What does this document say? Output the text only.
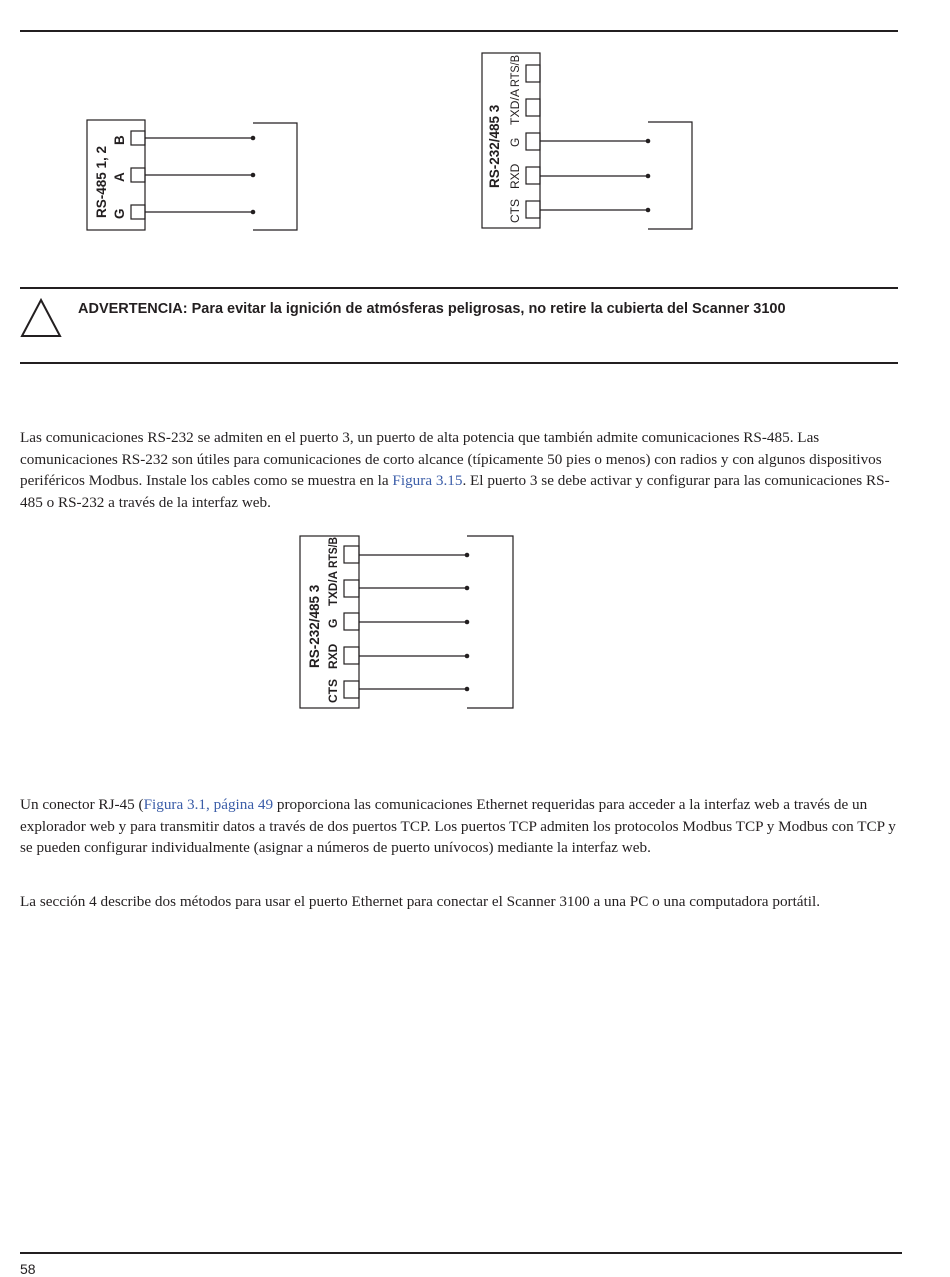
RS-485 1, 2 G
A
B	RS-232/485 3
CTS
RXD
G
TXD/A
RTS/B
RS-232/485 3
CTS
RXD
G
TXD/A
RTS/B
ADVERTENCIA: Para evitar la ignición de atmósferas peligrosas, no retire la cubierta del Scanner 3100

Las comunicaciones RS-232 se admiten en el puerto 3, un puerto de alta potencia que también admite comunicaciones RS-485. Las comunicaciones RS-232 son útiles para comunicaciones de corto alcance (típicamente 50 pies o menos) con radios y con algunos dispositivos periféricos Modbus. Instale los cables como se muestra en la Figura 3.15. El puerto 3 se debe activar y configurar para las comunicaciones RS-485 o RS-232 a través de la interfaz web.

Un conector RJ-45 (Figura 3.1, página 49 proporciona las comunicaciones Ethernet requeridas para acceder a la interfaz web a través de un explorador web y para transmitir datos a través de dos puertos TCP. Los puertos TCP admiten los protocolos Modbus TCP y Modbus con TCP y se pueden configurar individualmente (asignar a números de puerto unívocos) mediante la interfaz web.

La sección 4 describe dos métodos para usar el puerto Ethernet para conectar el Scanner 3100 a una PC o una computadora portátil.

58
